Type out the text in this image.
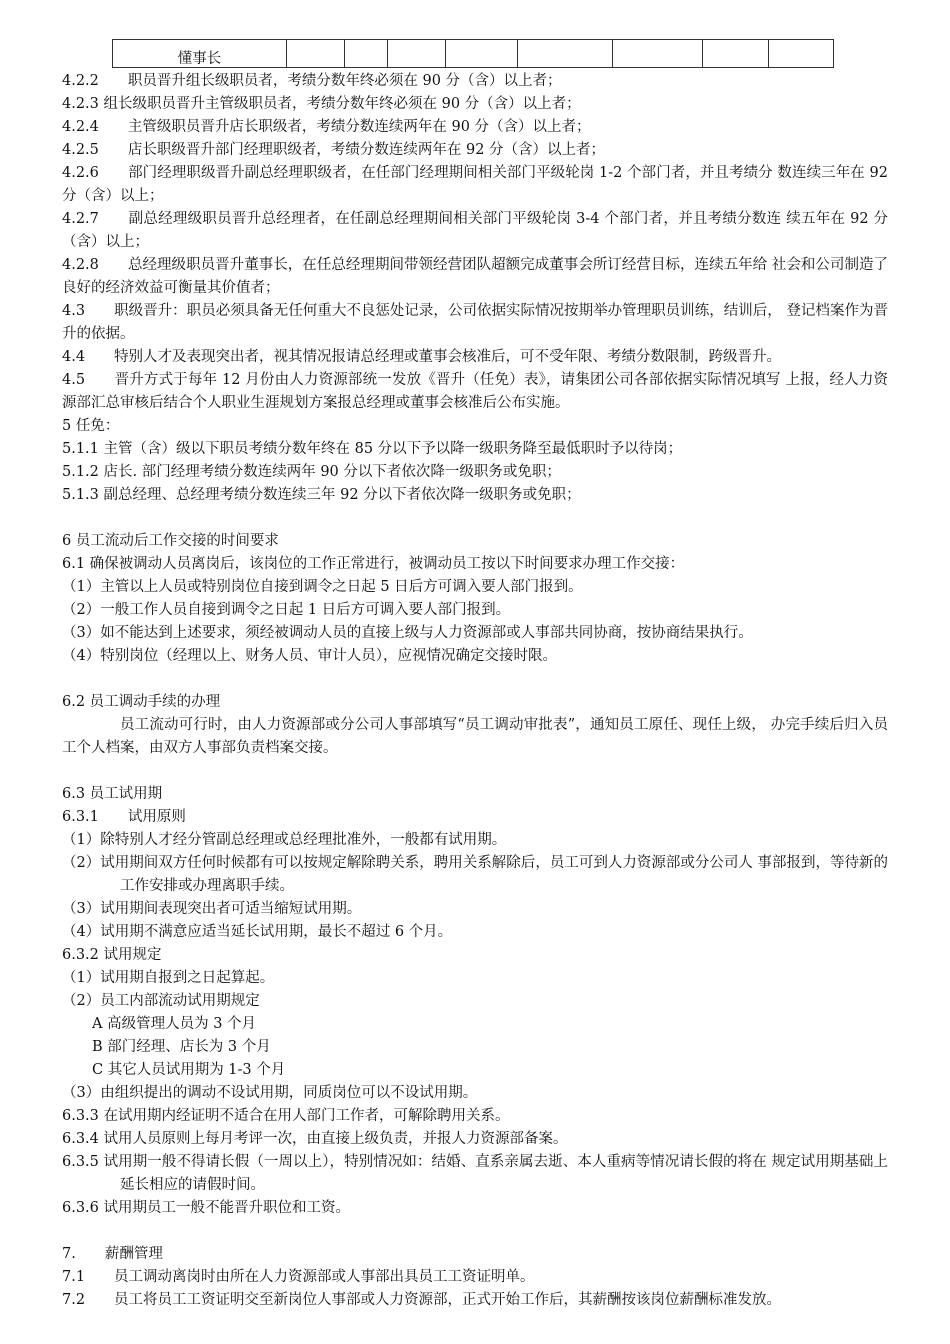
懂事长								

4.2.2　　职员晋升组长级职员者，考绩分数年终必须在 90 分（含）以上者；

4.2.3 组长级职员晋升主管级职员者，考绩分数年终必须在 90 分（含）以上者；

4.2.4　　主管级职员晋升店长职级者，考绩分数连续两年在 90 分（含）以上者；

4.2.5　　店长职级晋升部门经理职级者，考绩分数连续两年在 92 分（含）以上者；

4.2.6　　部门经理职级晋升副总经理职级者，在任部门经理期间相关部门平级轮岗 1-2 个部门者，并且考绩分 数连续三年在 92 分（含）以上；

4.2.7　　副总经理级职员晋升总经理者，在任副总经理期间相关部门平级轮岗 3-4 个部门者，并且考绩分数连 续五年在 92 分（含）以上；

4.2.8　　总经理级职员晋升董事长，在任总经理期间带领经营团队超额完成董事会所订经营目标，连续五年给 社会和公司制造了良好的经济效益可衡量其价值者；

4.3　　职级晋升：职员必须具备无任何重大不良惩处记录，公司依据实际情况按期举办管理职员训练，结训后， 登记档案作为晋升的依据。

4.4　　特别人才及表现突出者，视其情况报请总经理或董事会核准后，可不受年限、考绩分数限制，跨级晋升。

4.5　　晋升方式于每年 12 月份由人力资源部统一发放《晋升（任免）表》，请集团公司各部依据实际情况填写 上报，经人力资源部汇总审核后结合个人职业生涯规划方案报总经理或董事会核准后公布实施。

5 任免：

5.1.1 主管（含）级以下职员考绩分数年终在 85 分以下予以降一级职务降至最低职时予以待岗；

5.1.2 店长. 部门经理考绩分数连续两年 90 分以下者依次降一级职务或免职；

5.1.3 副总经理、总经理考绩分数连续三年 92 分以下者依次降一级职务或免职；

6 员工流动后工作交接的时间要求

6.1 确保被调动人员离岗后，该岗位的工作正常进行，被调动员工按以下时间要求办理工作交接：

（1）主管以上人员或特别岗位自接到调令之日起 5 日后方可调入要人部门报到。

（2）一般工作人员自接到调令之日起 1 日后方可调入要人部门报到。

（3）如不能达到上述要求，须经被调动人员的直接上级与人力资源部或人事部共同协商，按协商结果执行。

（4）特别岗位（经理以上、财务人员、审计人员），应视情况确定交接时限。

6.2 员工调动手续的办理

员工流动可行时，由人力资源部或分公司人事部填写“员工调动审批表”，通知员工原任、现任上级， 办完手续后归入员工个人档案，由双方人事部负责档案交接。

6.3 员工试用期

6.3.1　　试用原则

（1）除特别人才经分管副总经理或总经理批准外，一般都有试用期。

（2）试用期间双方任何时候都有可以按规定解除聘关系，聘用关系解除后，员工可到人力资源部或分公司人 事部报到，等待新的工作安排或办理离职手续。

（3）试用期间表现突出者可适当缩短试用期。

（4）试用期不满意应适当延长试用期，最长不超过 6 个月。

6.3.2 试用规定

（1）试用期自报到之日起算起。

（2）员工内部流动试用期规定

A 高级管理人员为 3 个月

B 部门经理、店长为 3 个月

C 其它人员试用期为 1-3 个月

（3）由组织提出的调动不设试用期，同质岗位可以不设试用期。

6.3.3 在试用期内经证明不适合在用人部门工作者，可解除聘用关系。

6.3.4 试用人员原则上每月考评一次，由直接上级负责，并报人力资源部备案。

6.3.5 试用期一般不得请长假（一周以上），特别情况如：结婚、直系亲属去逝、本人重病等情况请长假的将在 规定试用期基础上延长相应的请假时间。

6.3.6 试用期员工一般不能晋升职位和工资。

7.　　薪酬管理

7.1　　员工调动离岗时由所在人力资源部或人事部出具员工工资证明单。

7.2　　员工将员工工资证明交至新岗位人事部或人力资源部，正式开始工作后，其薪酬按该岗位薪酬标准发放。
